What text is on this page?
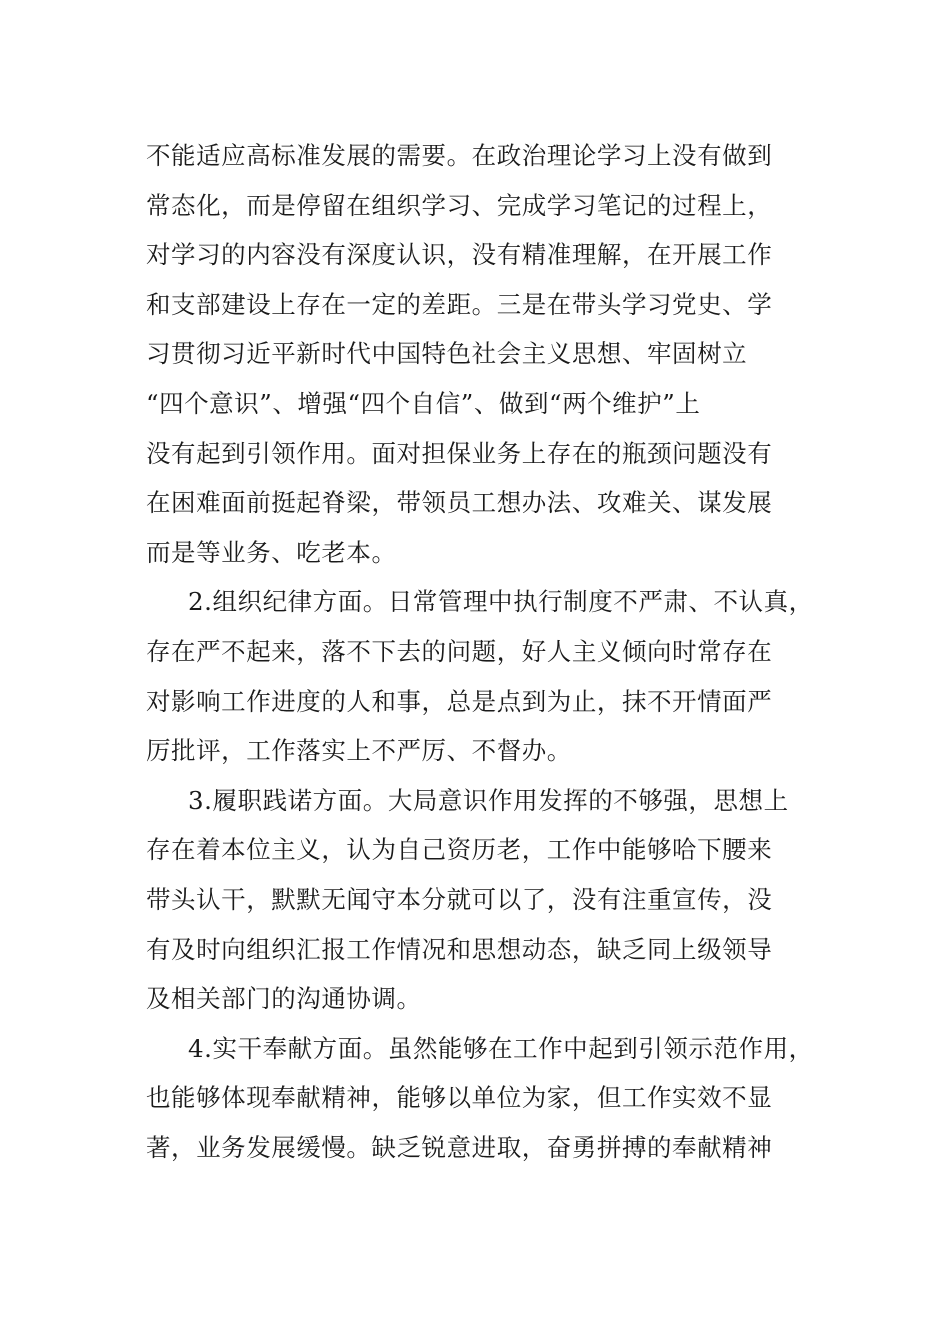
不能适应高标准发展的需要。在政治理论学习上没有做到
常态化，而是停留在组织学习、完成学习笔记的过程上，
对学习的内容没有深度认识，没有精准理解，在开展工作
和支部建设上存在一定的差距。三是在带头学习党史、学
习贯彻习近平新时代中国特色社会主义思想、牢固树立
“四个意识”、增强“四个自信”、做到“两个维护”上
没有起到引领作用。面对担保业务上存在的瓶颈问题没有
在困难面前挺起脊梁，带领员工想办法、攻难关、谋发展
而是等业务、吃老本。
2.组织纪律方面。日常管理中执行制度不严肃、不认真，
存在严不起来，落不下去的问题，好人主义倾向时常存在
对影响工作进度的人和事，总是点到为止，抹不开情面严
厉批评，工作落实上不严厉、不督办。
3.履职践诺方面。大局意识作用发挥的不够强，思想上
存在着本位主义，认为自己资历老，工作中能够哈下腰来
带头认干，默默无闻守本分就可以了，没有注重宣传，没
有及时向组织汇报工作情况和思想动态，缺乏同上级领导
及相关部门的沟通协调。
4.实干奉献方面。虽然能够在工作中起到引领示范作用，
也能够体现奉献精神，能够以单位为家，但工作实效不显
著，业务发展缓慢。缺乏锐意进取，奋勇拼搏的奉献精神
